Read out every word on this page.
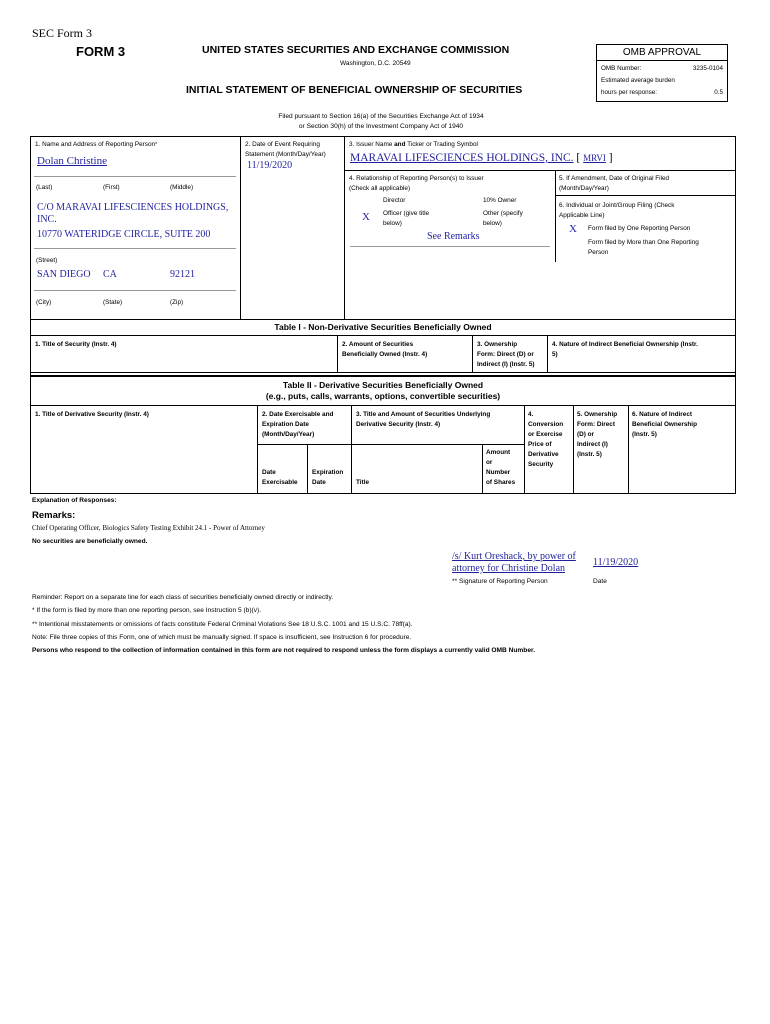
SEC Form 3
FORM 3	UNITED STATES SECURITIES AND EXCHANGE COMMISSION
Washington, D.C. 20549
INITIAL STATEMENT OF BENEFICIAL OWNERSHIP OF SECURITIES
Filed pursuant to Section 16(a) of the Securities Exchange Act of 1934
or Section 30(h) of the Investment Company Act of 1940
OMB APPROVAL
OMB Number:	3235-0104
Estimated average burden
hours per response:	0.5
1. Name and Address of Reporting Person*
Dolan Christine
(Last)	(First)	(Middle)
C/O MARAVAI LIFESCIENCES HOLDINGS,
INC.
10770 WATERIDGE CIRCLE, SUITE 200
(Street)
SAN DIEGO CA	92121
(City)	(State)	(Zip)
2. Date of Event Requiring
Statement (Month/Day/Year)
11/19/2020
3. Issuer Name and Ticker or Trading Symbol
MARAVAI LIFESCIENCES HOLDINGS, INC. [ MRVI ]
4. Relationship of Reporting Person(s) to Issuer
(Check all applicable)
Director	10% Owner
X Officer (give title
below)
Other (specify
below)
See Remarks
5. If Amendment, Date of Original Filed
(Month/Day/Year)
6. Individual or Joint/Group Filing (Check
Applicable Line)
X Form filed by One Reporting Person
Form filed by More than One Reporting
Person
Table I - Non-Derivative Securities Beneficially Owned
1. Title of Security (Instr. 4)	2. Amount of Securities
Beneficially Owned (Instr. 4)
3. Ownership
Form: Direct (D) or
Indirect (I) (Instr. 5)
4. Nature of Indirect Beneficial Ownership (Instr.
5)
Table II - Derivative Securities Beneficially Owned
(e.g., puts, calls, warrants, options, convertible securities)
1. Title of Derivative Security (Instr. 4)	2. Date Exercisable and
Expiration Date
(Month/Day/Year)
Date
Exercisable
Expiration
Date
3. Title and Amount of Securities Underlying
Derivative Security (Instr. 4)
Title
Amount
or
Number
of Shares
4.
Conversion
or Exercise
Price of
Derivative
Security
5. Ownership
Form: Direct
(D) or
Indirect (I)
(Instr. 5)
6. Nature of Indirect
Beneficial Ownership
(Instr. 5)
Explanation of Responses:
Remarks:
Chief Operating Officer, Biologics Safety Testing Exhibit 24.1 - Power of Attorney
No securities are beneficially owned.
/s/ Kurt Oreshack, by power of
attorney for Christine Dolan
11/19/2020
** Signature of Reporting Person	Date
Reminder: Report on a separate line for each class of securities beneficially owned directly or indirectly.
* If the form is filed by more than one reporting person, see Instruction 5 (b)(v).
** Intentional misstatements or omissions of facts constitute Federal Criminal Violations See 18 U.S.C. 1001 and 15 U.S.C. 78ff(a).
Note: File three copies of this Form, one of which must be manually signed. If space is insufficient, see Instruction 6 for procedure.
Persons who respond to the collection of information contained in this form are not required to respond unless the form displays a currently valid OMB Number.
